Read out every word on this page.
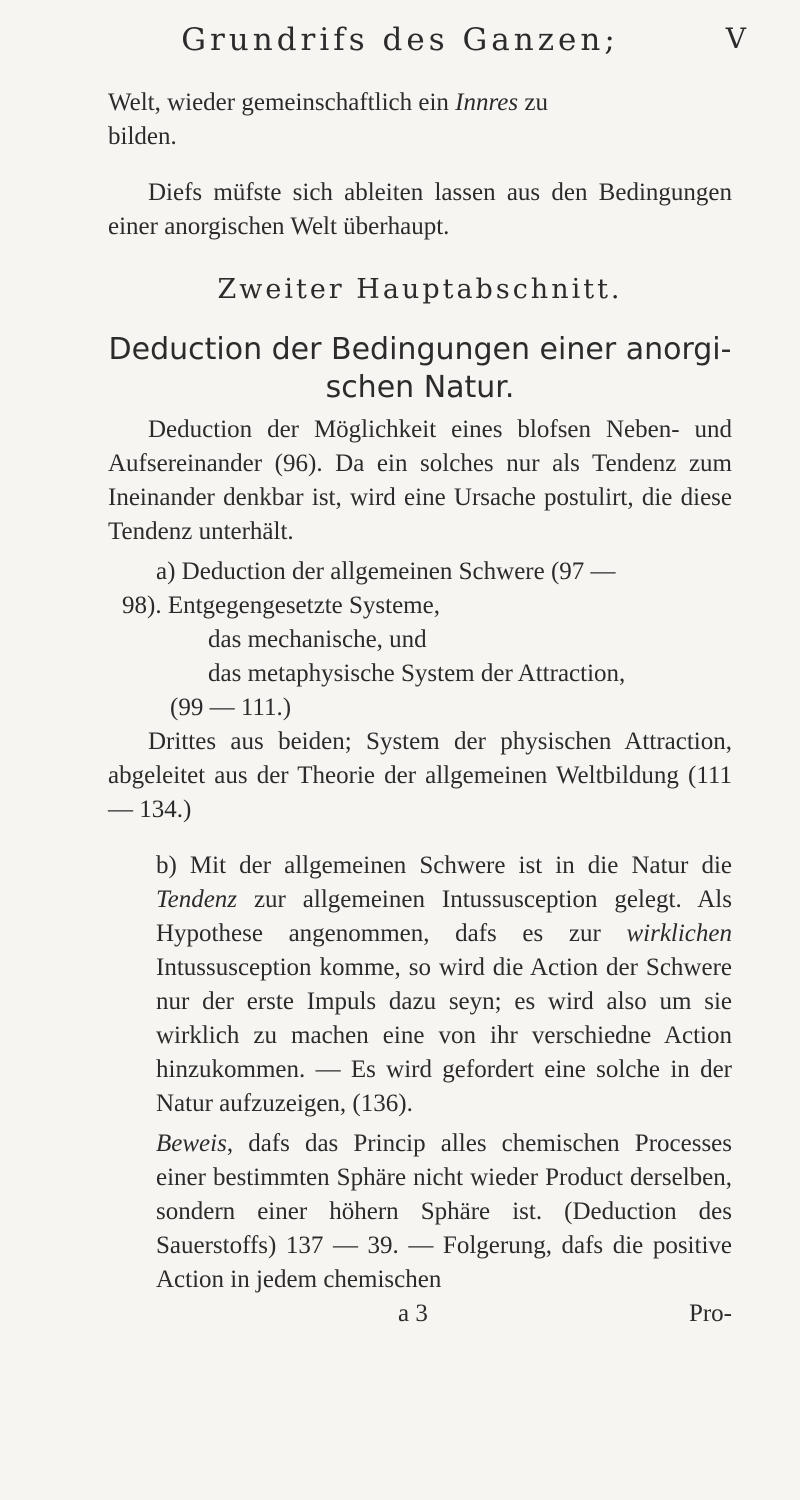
Grundrifs des Ganzen;	V

Welt, wieder gemeinschaftlich ein Innres zu
bilden.

Diefs müfste sich ableiten lassen aus den Bedingungen einer anorgischen Welt überhaupt.

Zweiter Hauptabschnitt.
Deduction der Bedingungen einer anorgi-
schen Natur.

Deduction der Möglichkeit eines blofsen Neben- und Aufsereinander (96). Da ein solches nur als Tendenz zum Ineinander denkbar ist, wird eine Ursache postulirt, die diese Tendenz unterhält.

a) Deduction der allgemeinen Schwere (97 —

98). Entgegengesetzte Systeme,

das mechanische, und

das metaphysische System der Attraction,

(99 — 111.)

Drittes aus beiden; System der physischen Attraction, abgeleitet aus der Theorie der allgemeinen Weltbildung (111 — 134.)

b) Mit der allgemeinen Schwere ist in die Natur die Tendenz zur allgemeinen Intussusception gelegt. Als Hypothese angenommen, dafs es zur wirklichen Intussusception komme, so wird die Action der Schwere nur der erste Impuls dazu seyn; es wird also um sie wirklich zu machen eine von ihr verschiedne Action hinzukommen. — Es wird gefordert eine solche in der Natur aufzuzeigen, (136).

Beweis, dafs das Princip alles chemischen Processes einer bestimmten Sphäre nicht wieder Product derselben, sondern einer höhern Sphäre ist. (Deduction des Sauerstoffs) 137 — 39. — Folgerung, dafs die positive Action in jedem chemischen

a 3	Pro-
